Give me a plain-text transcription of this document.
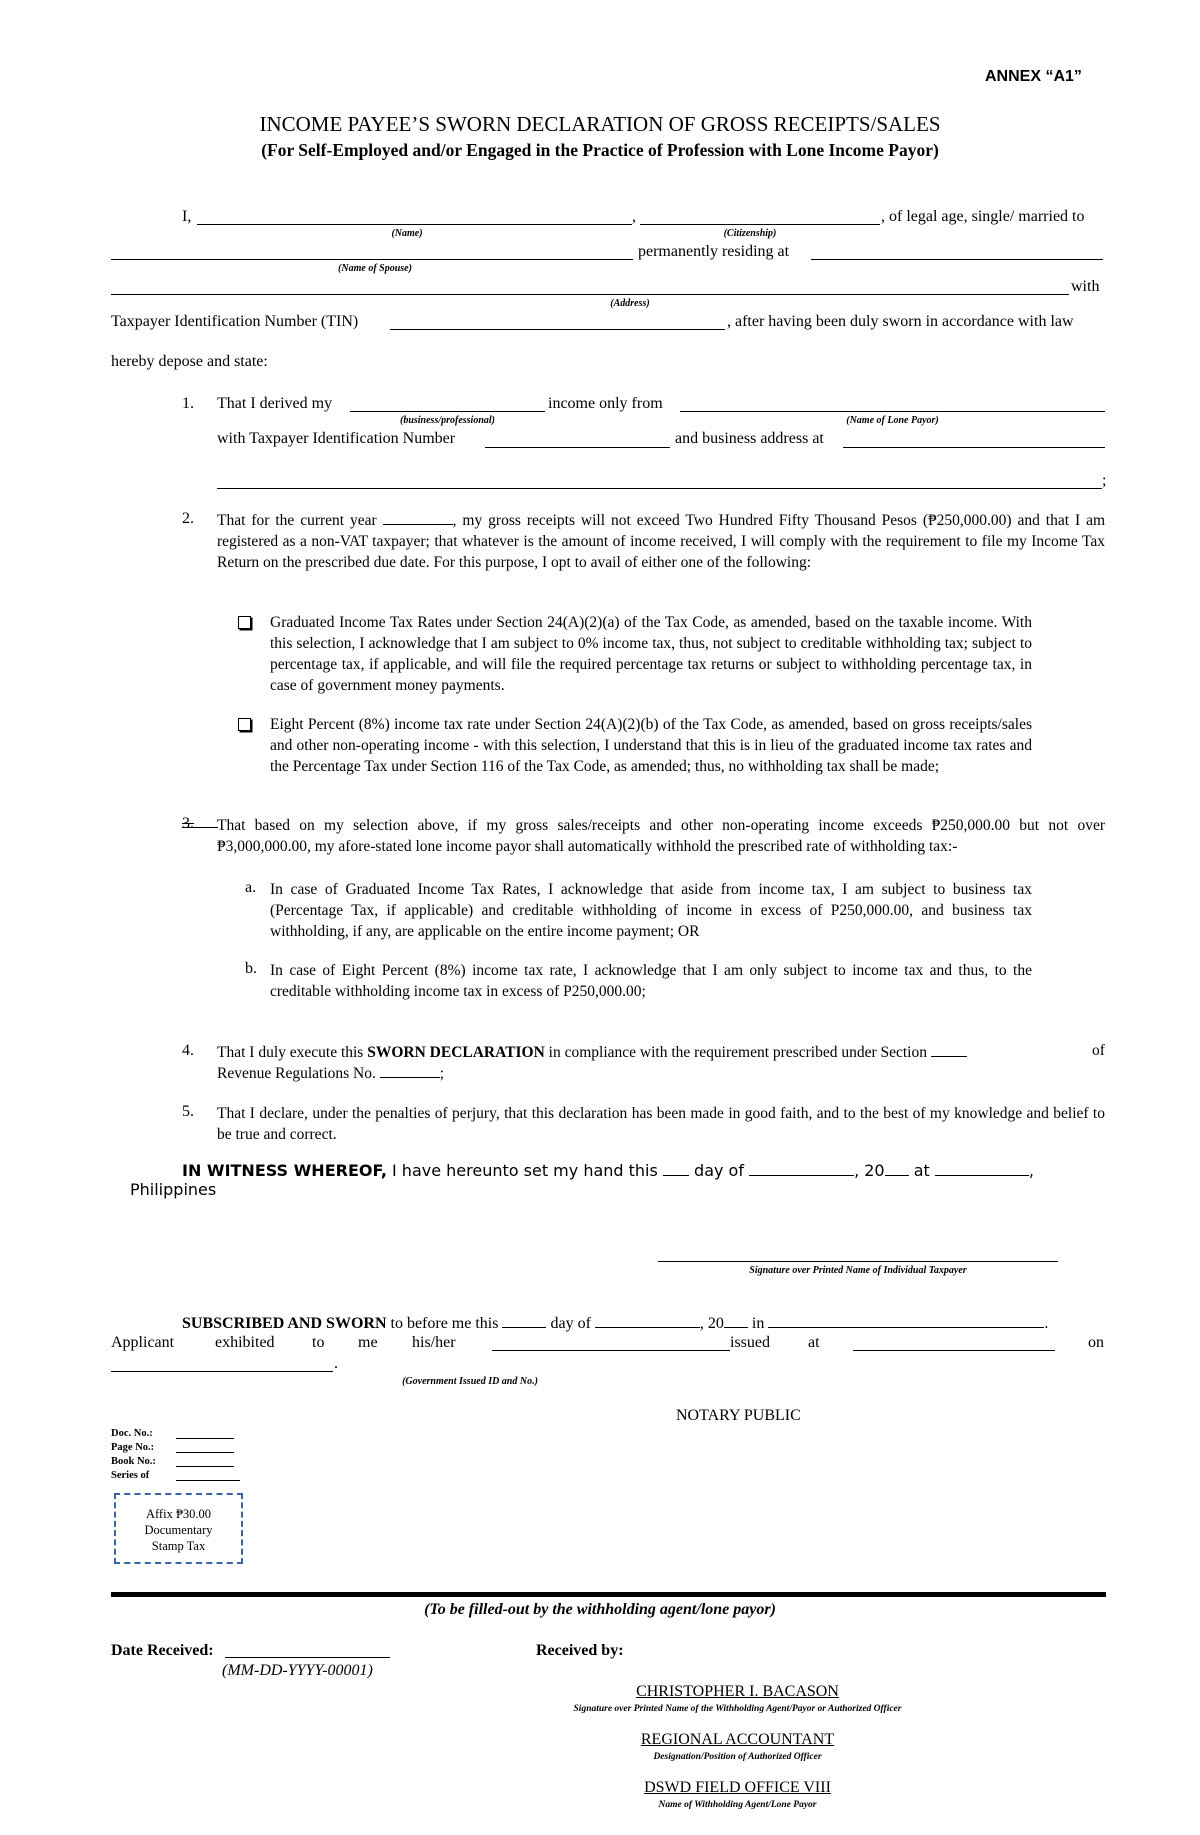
ANNEX “A1”
INCOME PAYEE’S SWORN DECLARATION OF GROSS RECEIPTS/SALES
(For Self-Employed and/or Engaged in the Practice of Profession with Lone Income Payor)
I,	,	, of legal age, single/ married to
(Name)	(Citizenship)
permanently residing at
(Name of Spouse)
with
(Address)
Taxpayer Identification Number (TIN)	, after having been duly sworn in accordance with law
hereby depose and state:
1. That I derived my	income only from
(business/professional)	(Name of Lone Payor)
with Taxpayer Identification Number	and business address at
;
2. That for the current year	, my gross receipts will not exceed Two Hundred Fifty Thousand Pesos (₱250,000.00) and that I am registered as a non-VAT taxpayer; that whatever is the amount of income received, I will comply with the requirement to file my Income Tax Return on the prescribed due date. For this purpose, I opt to avail of either one of the following:
Graduated Income Tax Rates under Section 24(A)(2)(a) of the Tax Code, as amended, based on the taxable income. With this selection, I acknowledge that I am subject to 0% income tax, thus, not subject to creditable withholding tax; subject to percentage tax, if applicable, and will file the required percentage tax returns or subject to withholding percentage tax, in case of government money payments.
Eight Percent (8%) income tax rate under Section 24(A)(2)(b) of the Tax Code, as amended, based on gross receipts/sales and other non-operating income - with this selection, I understand that this is in lieu of the graduated income tax rates and the Percentage Tax under Section 116 of the Tax Code, as amended; thus, no withholding tax shall be made;
3.	That based on my selection above, if my gross sales/receipts and other non-operating income exceeds ₱250,000.00 but not over ₱3,000,000.00, my afore-stated lone income payor shall automatically withhold the prescribed rate of withholding tax:-
a. In case of Graduated Income Tax Rates, I acknowledge that aside from income tax, I am subject to business tax (Percentage Tax, if applicable) and creditable withholding of income in excess of P250,000.00, and business tax withholding, if any, are applicable on the entire income payment; OR
b. In case of Eight Percent (8%) income tax rate, I acknowledge that I am only subject to income tax and thus, to the creditable withholding income tax in excess of P250,000.00;
4. That I duly execute this SWORN DECLARATION in compliance with the requirement prescribed under Section	of
Revenue Regulations No.	;
5. That I declare, under the penalties of perjury, that this declaration has been made in good faith, and to the best of my knowledge and belief to be true and correct.
IN WITNESS WHEREOF, I have hereunto set my hand this day of	, 20 at	,
Philippines
Signature over Printed Name of Individual Taxpayer
SUBSCRIBED AND SWORN to before me this	day of	, 20 in	.
Applicant	exhibited to me his/her	issued at	on
.
(Government Issued ID and No.)
NOTARY PUBLIC
Doc. No.:
Page No.:
Book No.:
Series of
Affix ₱30.00
Documentary
Stamp Tax
(To be filled-out by the withholding agent/lone payor)
Date Received:
(MM-DD-YYYY-00001)
Received by:
CHRISTOPHER I. BACASON
Signature over Printed Name of the Withholding Agent/Payor or Authorized Officer
REGIONAL ACCOUNTANT
Designation/Position of Authorized Officer
DSWD FIELD OFFICE VIII
Name of Withholding Agent/Lone Payor
